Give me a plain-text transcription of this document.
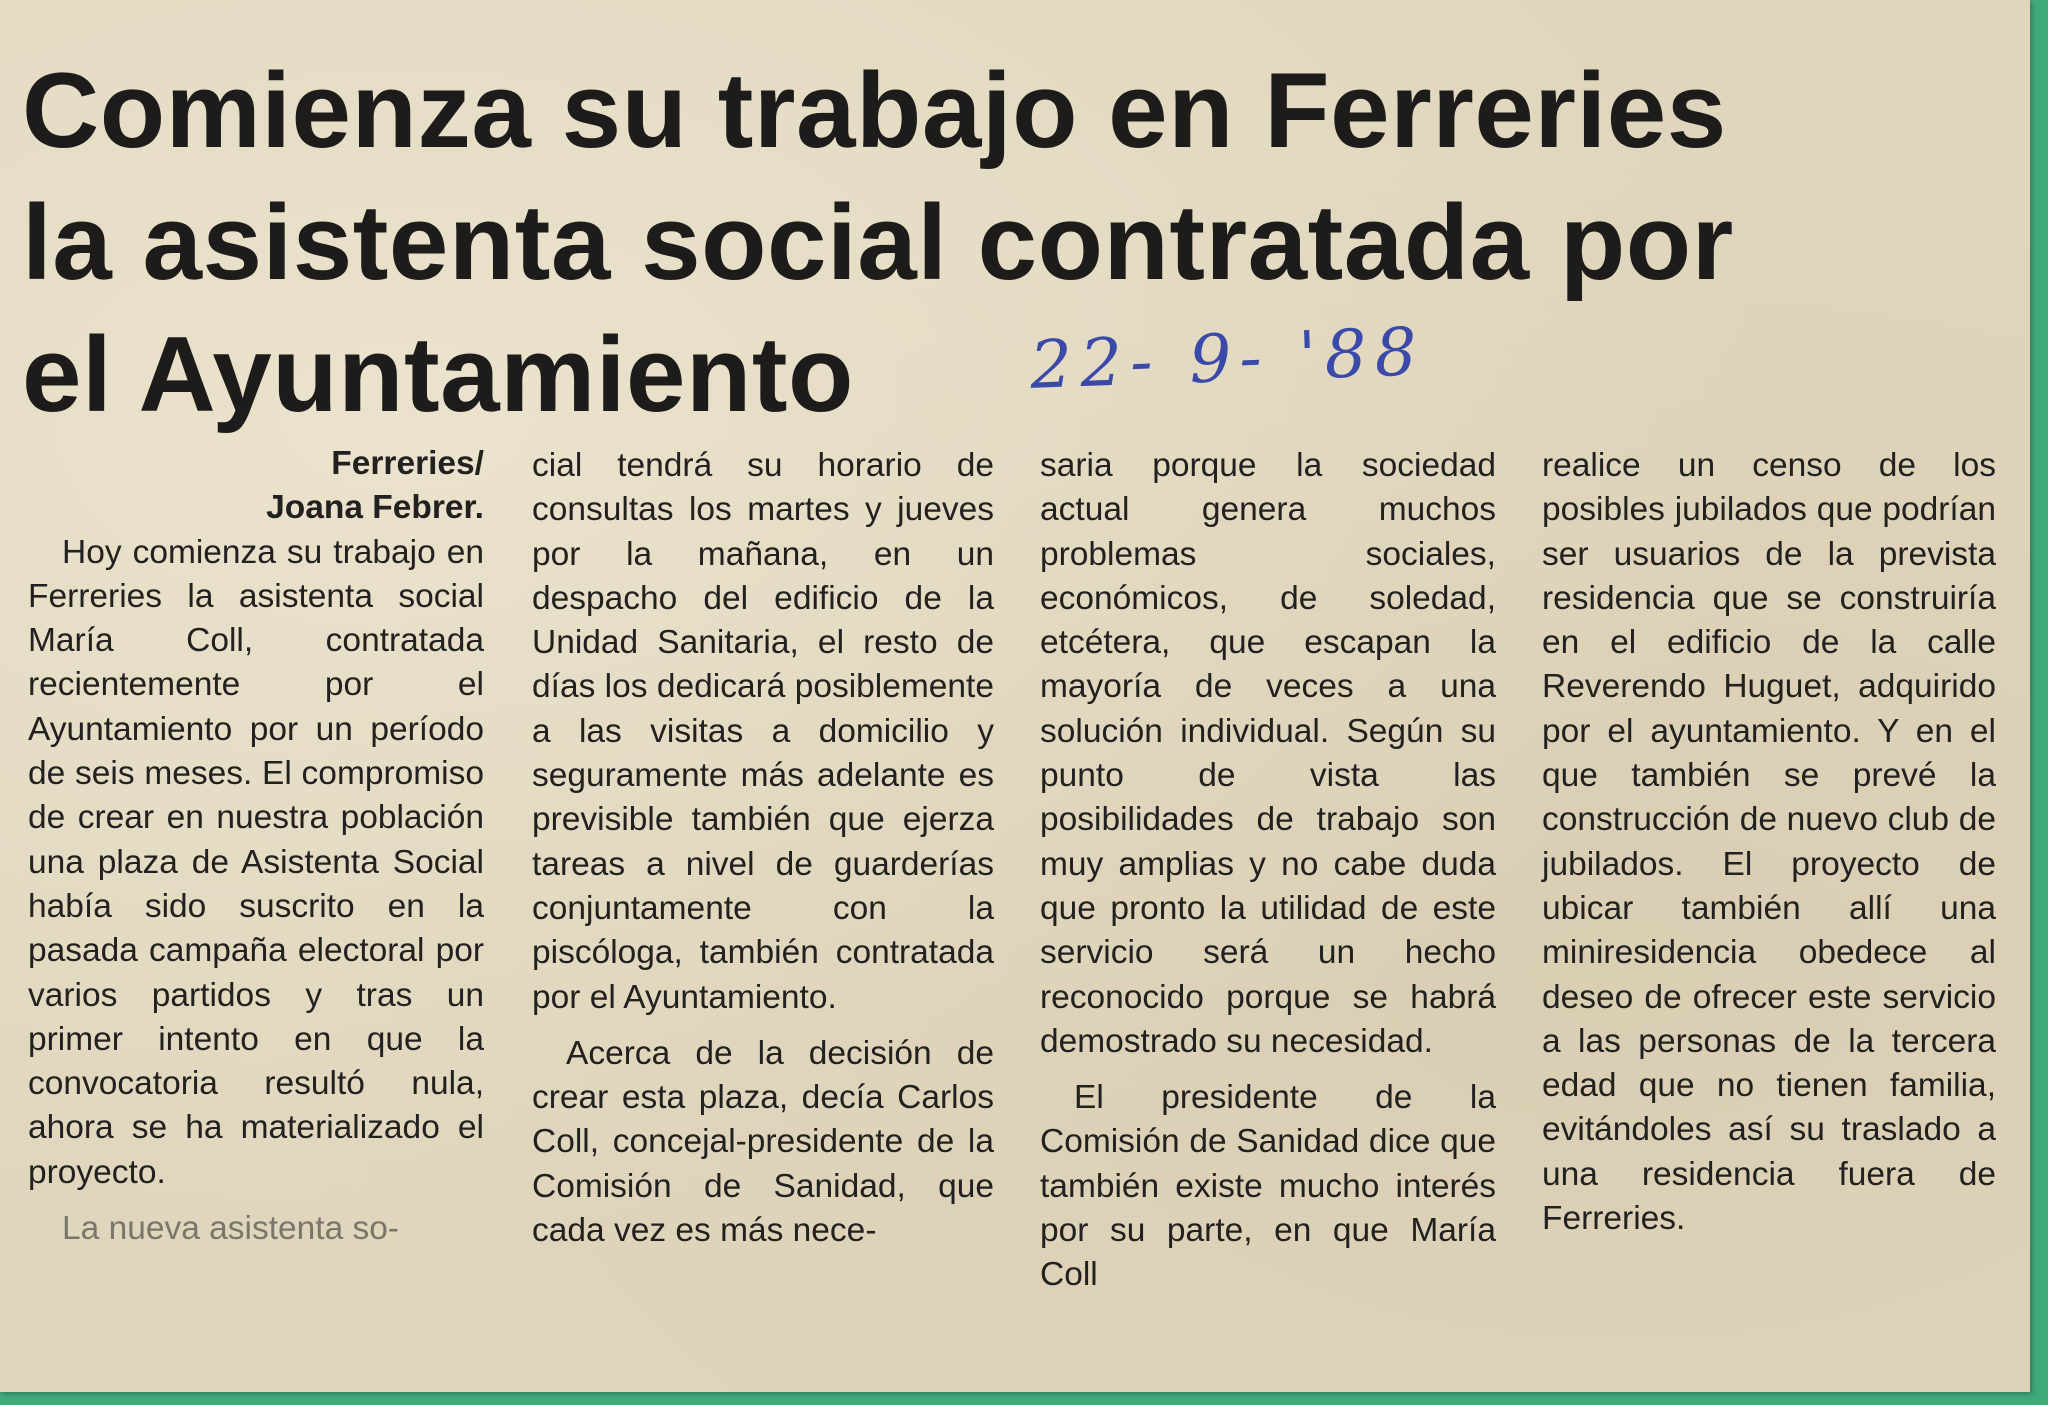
Comienza su trabajo en Ferreries
la asistenta social contratada por
el Ayuntamiento	22- 9- '88

Ferreries/
Joana Febrer.

Hoy comienza su trabajo en Ferreries la asistenta social María Coll, contratada recientemente por el Ayuntamiento por un período de seis meses. El compromiso de crear en nuestra población una plaza de Asistenta Social había sido suscrito en la pasada campaña electoral por varios partidos y tras un primer intento en que la convocatoria resultó nula, ahora se ha materializado el proyecto.

La nueva asistenta so-

cial tendrá su horario de consultas los martes y jueves por la mañana, en un despacho del edificio de la Unidad Sanitaria, el resto de días los dedicará posiblemente a las visitas a domicilio y seguramente más adelante es previsible también que ejerza tareas a nivel de guarderías conjuntamente con la piscóloga, también contratada por el Ayuntamiento.

Acerca de la decisión de crear esta plaza, decía Carlos Coll, concejal-presidente de la Comisión de Sanidad, que cada vez es más nece-

saria porque la sociedad actual genera muchos problemas sociales, económicos, de soledad, etcétera, que escapan la mayoría de veces a una solución individual. Según su punto de vista las posibilidades de trabajo son muy amplias y no cabe duda que pronto la utilidad de este servicio será un hecho reconocido porque se habrá demostrado su necesidad.

El presidente de la Comisión de Sanidad dice que también existe mucho interés por su parte, en que María Coll

realice un censo de los posibles jubilados que podrían ser usuarios de la prevista residencia que se construiría en el edificio de la calle Reverendo Huguet, adquirido por el ayuntamiento. Y en el que también se prevé la construcción de nuevo club de jubilados. El proyecto de ubicar también allí una miniresidencia obedece al deseo de ofrecer este servicio a las personas de la tercera edad que no tienen familia, evitándoles así su traslado a una residencia fuera de Ferreries.
